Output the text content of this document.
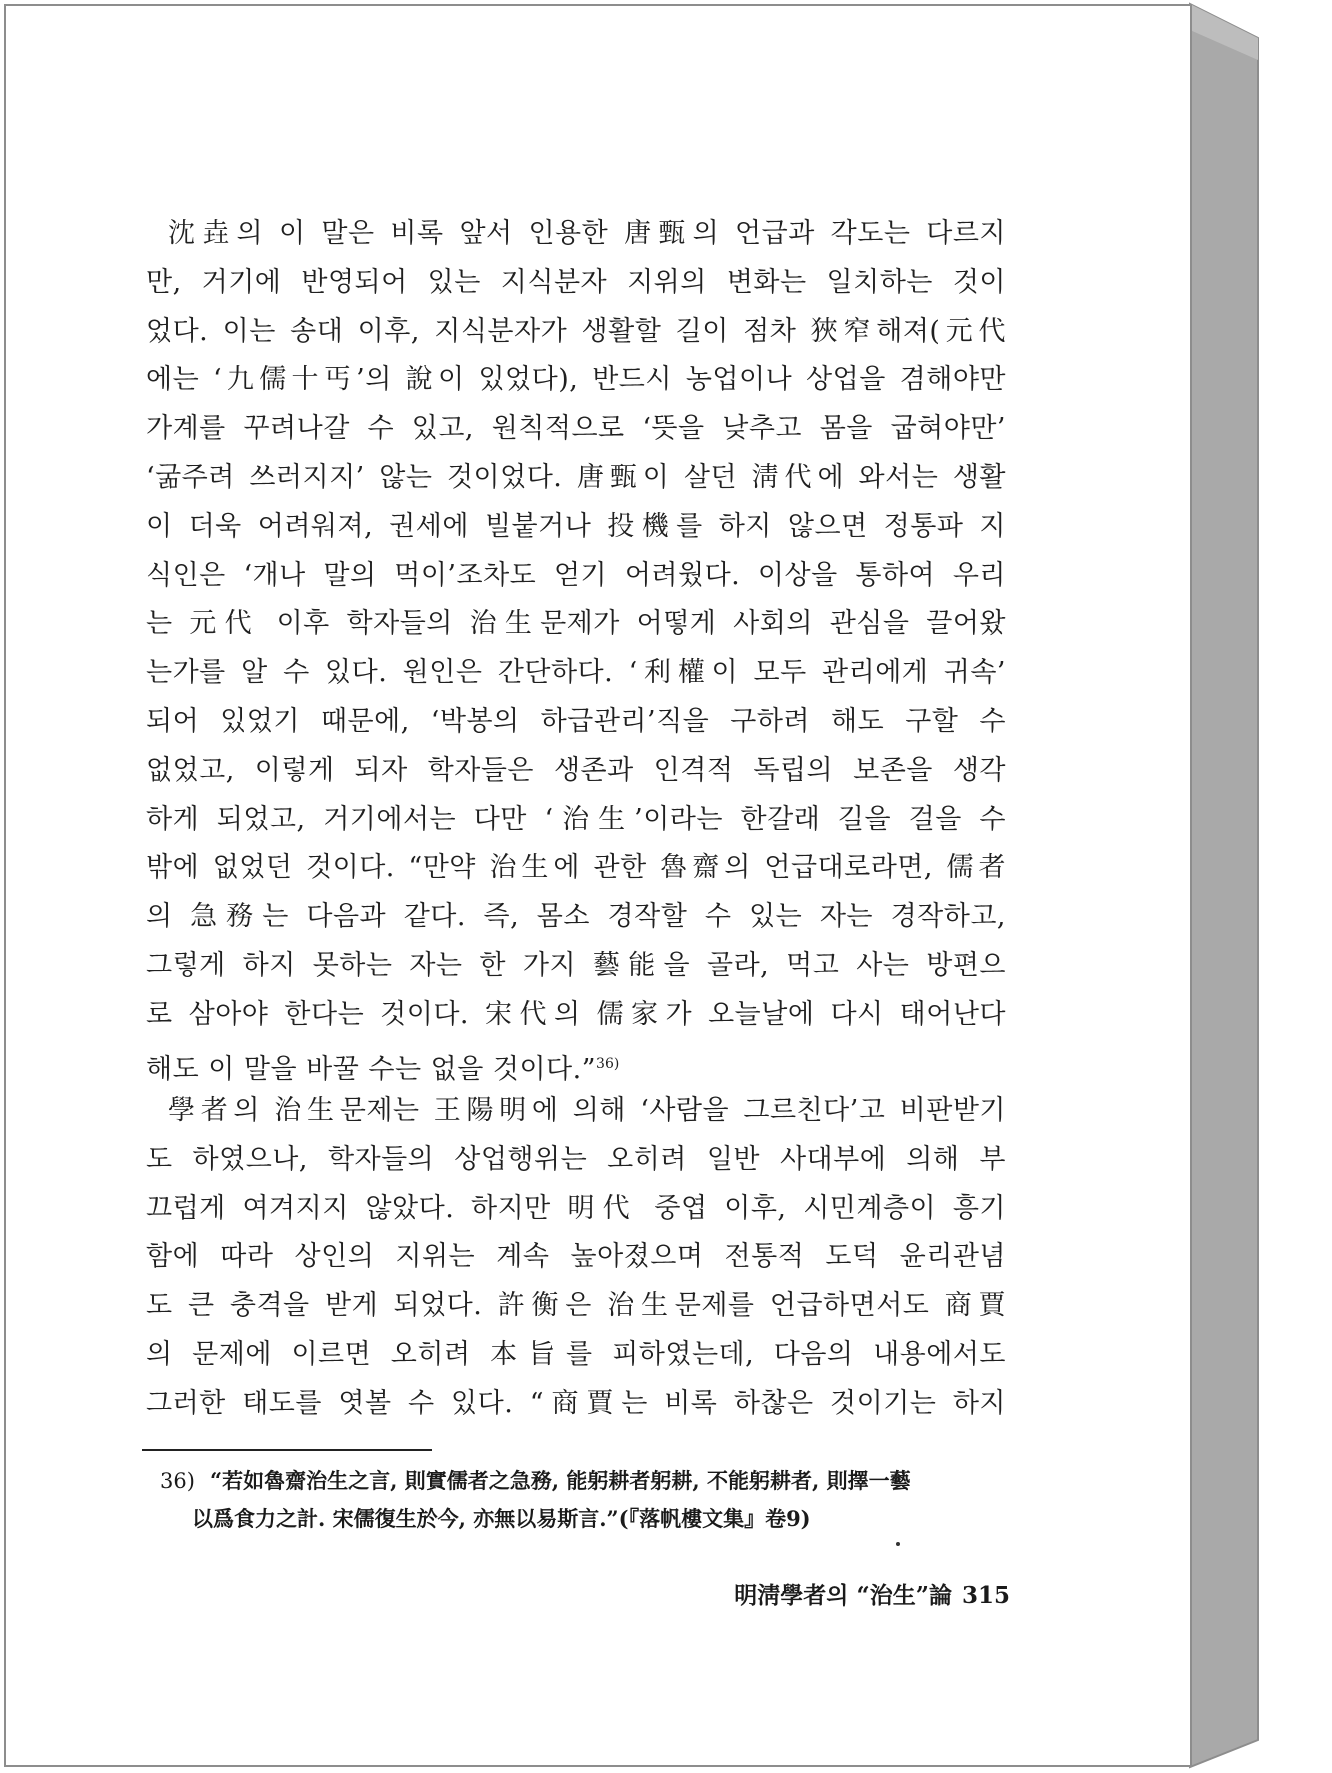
沈垚의 이 말은 비록 앞서 인용한 唐甄의 언급과 각도는 다르지

만, 거기에 반영되어 있는 지식분자 지위의 변화는 일치하는 것이

었다. 이는 송대 이후, 지식분자가 생활할 길이 점차 狹窄해져(元代

에는 ‘九儒十丐’의 說이 있었다), 반드시 농업이나 상업을 겸해야만

가계를 꾸려나갈 수 있고, 원칙적으로 ‘뜻을 낮추고 몸을 굽혀야만’

‘굶주려 쓰러지지’ 않는 것이었다. 唐甄이 살던 淸代에 와서는 생활

이 더욱 어려워져, 권세에 빌붙거나 投機를 하지 않으면 정통파 지

식인은 ‘개나 말의 먹이’조차도 얻기 어려웠다. 이상을 통하여 우리

는 元代 이후 학자들의 治生문제가 어떻게 사회의 관심을 끌어왔

는가를 알 수 있다. 원인은 간단하다. ‘利權이 모두 관리에게 귀속’

되어 있었기 때문에, ‘박봉의 하급관리’직을 구하려 해도 구할 수

없었고, 이렇게 되자 학자들은 생존과 인격적 독립의 보존을 생각

하게 되었고, 거기에서는 다만 ‘治生’이라는 한갈래 길을 걸을 수

밖에 없었던 것이다. “만약 治生에 관한 魯齋의 언급대로라면, 儒者

의 急務는 다음과 같다. 즉, 몸소 경작할 수 있는 자는 경작하고,

그렇게 하지 못하는 자는 한 가지 藝能을 골라, 먹고 사는 방편으

로 삼아야 한다는 것이다. 宋代의 儒家가 오늘날에 다시 태어난다

해도 이 말을 바꿀 수는 없을 것이다.”$^{36)}$

學者의 治生문제는 王陽明에 의해 ‘사람을 그르친다’고 비판받기

도 하였으나, 학자들의 상업행위는 오히려 일반 사대부에 의해 부

끄럽게 여겨지지 않았다. 하지만 明代 중엽 이후, 시민계층이 흥기

함에 따라 상인의 지위는 계속 높아졌으며 전통적 도덕 윤리관념

도 큰 충격을 받게 되었다. 許衡은 治生문제를 언급하면서도 商賈

의 문제에 이르면 오히려 本旨를 피하였는데, 다음의 내용에서도

그러한 태도를 엿볼 수 있다. “商賈는 비록 하찮은 것이기는 하지

36) “若如魯齋治生之言, 則實儒者之急務, 能躬耕者躬耕, 不能躬耕者, 則擇一藝

以爲食力之計. 宋儒復生於今, 亦無以易斯言.”(『落帆樓文集』卷9)

明淸學者의 “治生”論 315
